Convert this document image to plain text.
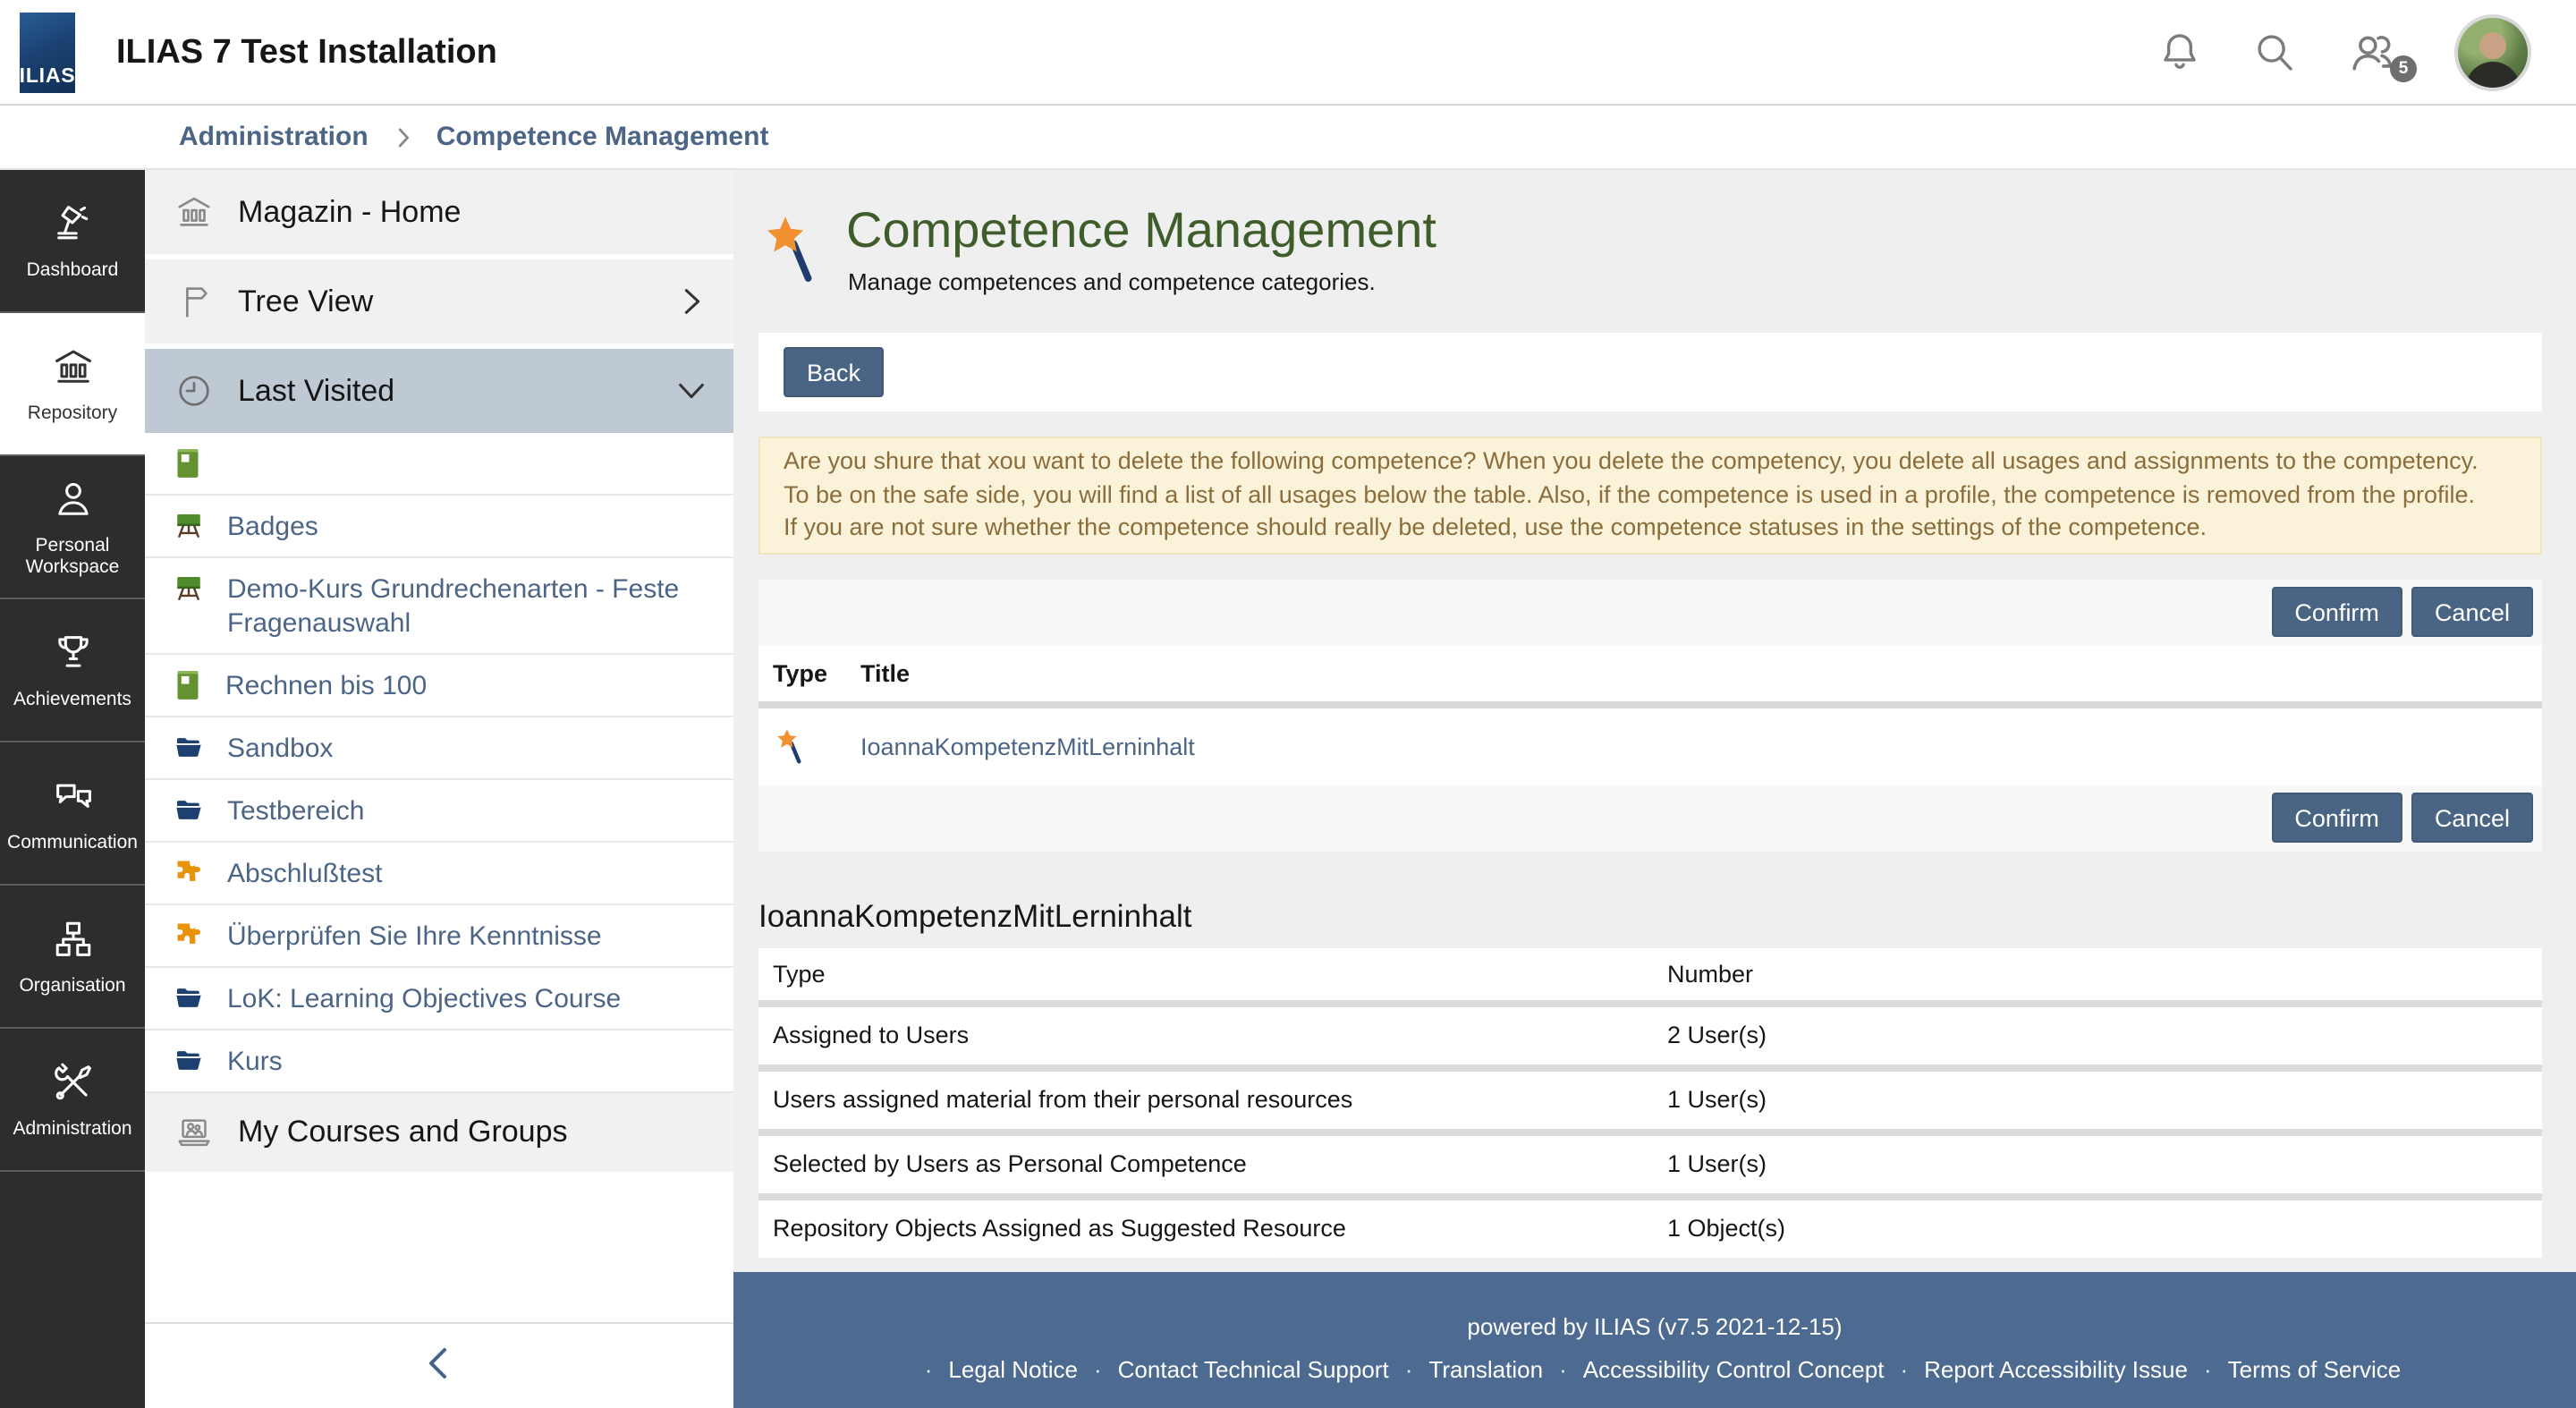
ILIAS
ILIAS 7 Test Installation	5
Administration	Competence Management
Dashboard
Repository
Personal Workspace
Achievements
Communication
Organisation
Administration
Magazin - Home
Tree View
Last Visited
Badges
Demo-Kurs Grundrechenarten - Feste Fragenauswahl
Rechnen bis 100
Sandbox
Testbereich
Abschlußtest
Überprüfen Sie Ihre Kenntnisse
LoK: Learning Objectives Course
Kurs
My Courses and Groups
Competence Management
Manage competences and competence categories.
Back
Are you shure that xou want to delete the following competence? When you delete the competency, you delete all usages and assignments to the competency.
To be on the safe side, you will find a list of all usages below the table. Also, if the competence is used in a profile, the competence is removed from the profile.
If you are not sure whether the competence should really be deleted, use the competence statuses in the settings of the competence.
Confirm	Cancel
Type	Title
IoannaKompetenzMitLerninhalt
Confirm	Cancel
IoannaKompetenzMitLerninhalt
Type	Number
Assigned to Users	2 User(s)
Users assigned material from their personal resources	1 User(s)
Selected by Users as Personal Competence	1 User(s)
Repository Objects Assigned as Suggested Resource	1 Object(s)
powered by ILIAS (v7.5 2021-12-15)
· Legal Notice · Contact Technical Support · Translation · Accessibility Control Concept · Report Accessibility Issue · Terms of Service
